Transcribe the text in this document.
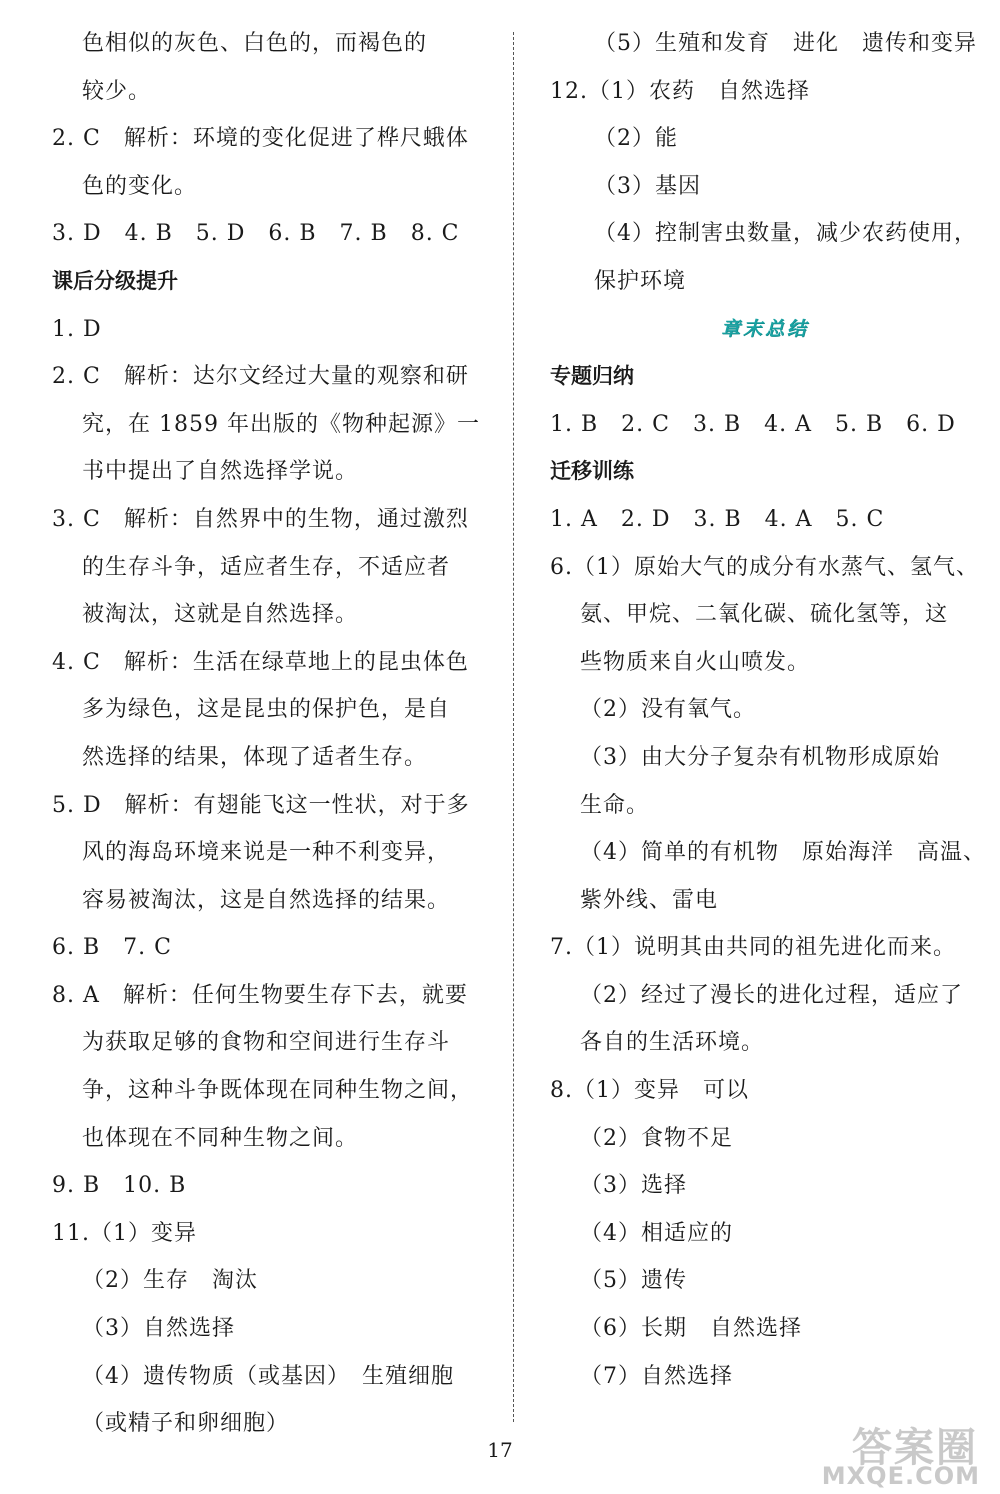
色相似的灰色、白色的，而褐色的
较少。
2. C　解析：环境的变化促进了桦尺蛾体
色的变化。
3. D　4. B　5. D　6. B　7. B　8. C
课后分级提升
1. D
2. C　解析：达尔文经过大量的观察和研
究，在 1859 年出版的《物种起源》一
书中提出了自然选择学说。
3. C　解析：自然界中的生物，通过激烈
的生存斗争，适应者生存，不适应者
被淘汰，这就是自然选择。
4. C　解析：生活在绿草地上的昆虫体色
多为绿色，这是昆虫的保护色，是自
然选择的结果，体现了适者生存。
5. D　解析：有翅能飞这一性状，对于多
风的海岛环境来说是一种不利变异，
容易被淘汰，这是自然选择的结果。
6. B　7. C
8. A　解析：任何生物要生存下去，就要
为获取足够的食物和空间进行生存斗
争，这种斗争既体现在同种生物之间，
也体现在不同种生物之间。
9. B　10. B
11.（1）变异
（2）生存　淘汰
（3）自然选择
（4）遗传物质（或基因）　生殖细胞
（或精子和卵细胞）
（5）生殖和发育　进化　遗传和变异
12.（1）农药　自然选择
（2）能
（3）基因
（4）控制害虫数量，减少农药使用，
保护环境
章末总结
专题归纳
1. B　2. C　3. B　4. A　5. B　6. D
迁移训练
1. A　2. D　3. B　4. A　5. C
6.（1）原始大气的成分有水蒸气、氢气、
氨、甲烷、二氧化碳、硫化氢等，这
些物质来自火山喷发。
（2）没有氧气。
（3）由大分子复杂有机物形成原始
生命。
（4）简单的有机物　原始海洋　高温、
紫外线、雷电
7.（1）说明其由共同的祖先进化而来。
（2）经过了漫长的进化过程，适应了
各自的生活环境。
8.（1）变异　可以
（2）食物不足
（3）选择
（4）相适应的
（5）遗传
（6）长期　自然选择
（7）自然选择
17	答案圈
MXQE.COM
